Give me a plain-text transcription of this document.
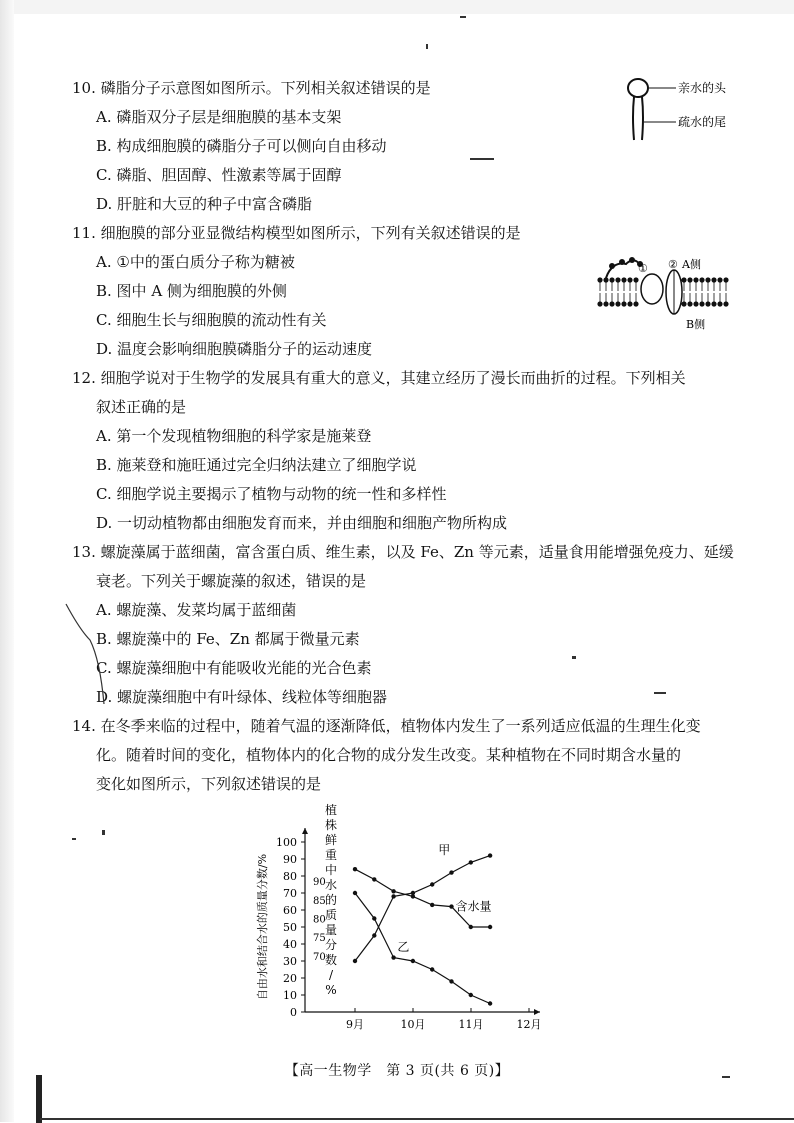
10. 磷脂分子示意图如图所示。下列相关叙述错误的是
A. 磷脂双分子层是细胞膜的基本支架
B. 构成细胞膜的磷脂分子可以侧向自由移动
C. 磷脂、胆固醇、性激素等属于固醇
D. 肝脏和大豆的种子中富含磷脂
亲水的头
疏水的尾
11. 细胞膜的部分亚显微结构模型如图所示，下列有关叙述错误的是
A. ①中的蛋白质分子称为糖被
B. 图中 A 侧为细胞膜的外侧
C. 细胞生长与细胞膜的流动性有关
D. 温度会影响细胞膜磷脂分子的运动速度
① ② A侧
B侧
12. 细胞学说对于生物学的发展具有重大的意义，其建立经历了漫长而曲折的过程。下列相关
叙述正确的是
A. 第一个发现植物细胞的科学家是施莱登
B. 施莱登和施旺通过完全归纳法建立了细胞学说
C. 细胞学说主要揭示了植物与动物的统一性和多样性
D. 一切动植物都由细胞发育而来，并由细胞和细胞产物所构成
13. 螺旋藻属于蓝细菌，富含蛋白质、维生素，以及 Fe、Zn 等元素，适量食用能增强免疫力、延缓
衰老。下列关于螺旋藻的叙述，错误的是
A. 螺旋藻、发菜均属于蓝细菌
B. 螺旋藻中的 Fe、Zn 都属于微量元素
C. 螺旋藻细胞中有能吸收光能的光合色素
D. 螺旋藻细胞中有叶绿体、线粒体等细胞器
14. 在冬季来临的过程中，随着气温的逐渐降低，植物体内发生了一系列适应低温的生理生化变
化。随着时间的变化，植物体内的化合物的成分发生改变。某种植物在不同时期含水量的
变化如图所示，下列叙述错误的是
0
10
20
30
40
50
60
70
80
90
100
70
75
80
85
90
9月	10月	11月	12月
自由水和结合水的质量分数/%
植
株
鲜
重
中
水
的
质
量
分
数
/
%
甲
乙
含水量
【高一生物学　第 3 页(共 6 页)】
